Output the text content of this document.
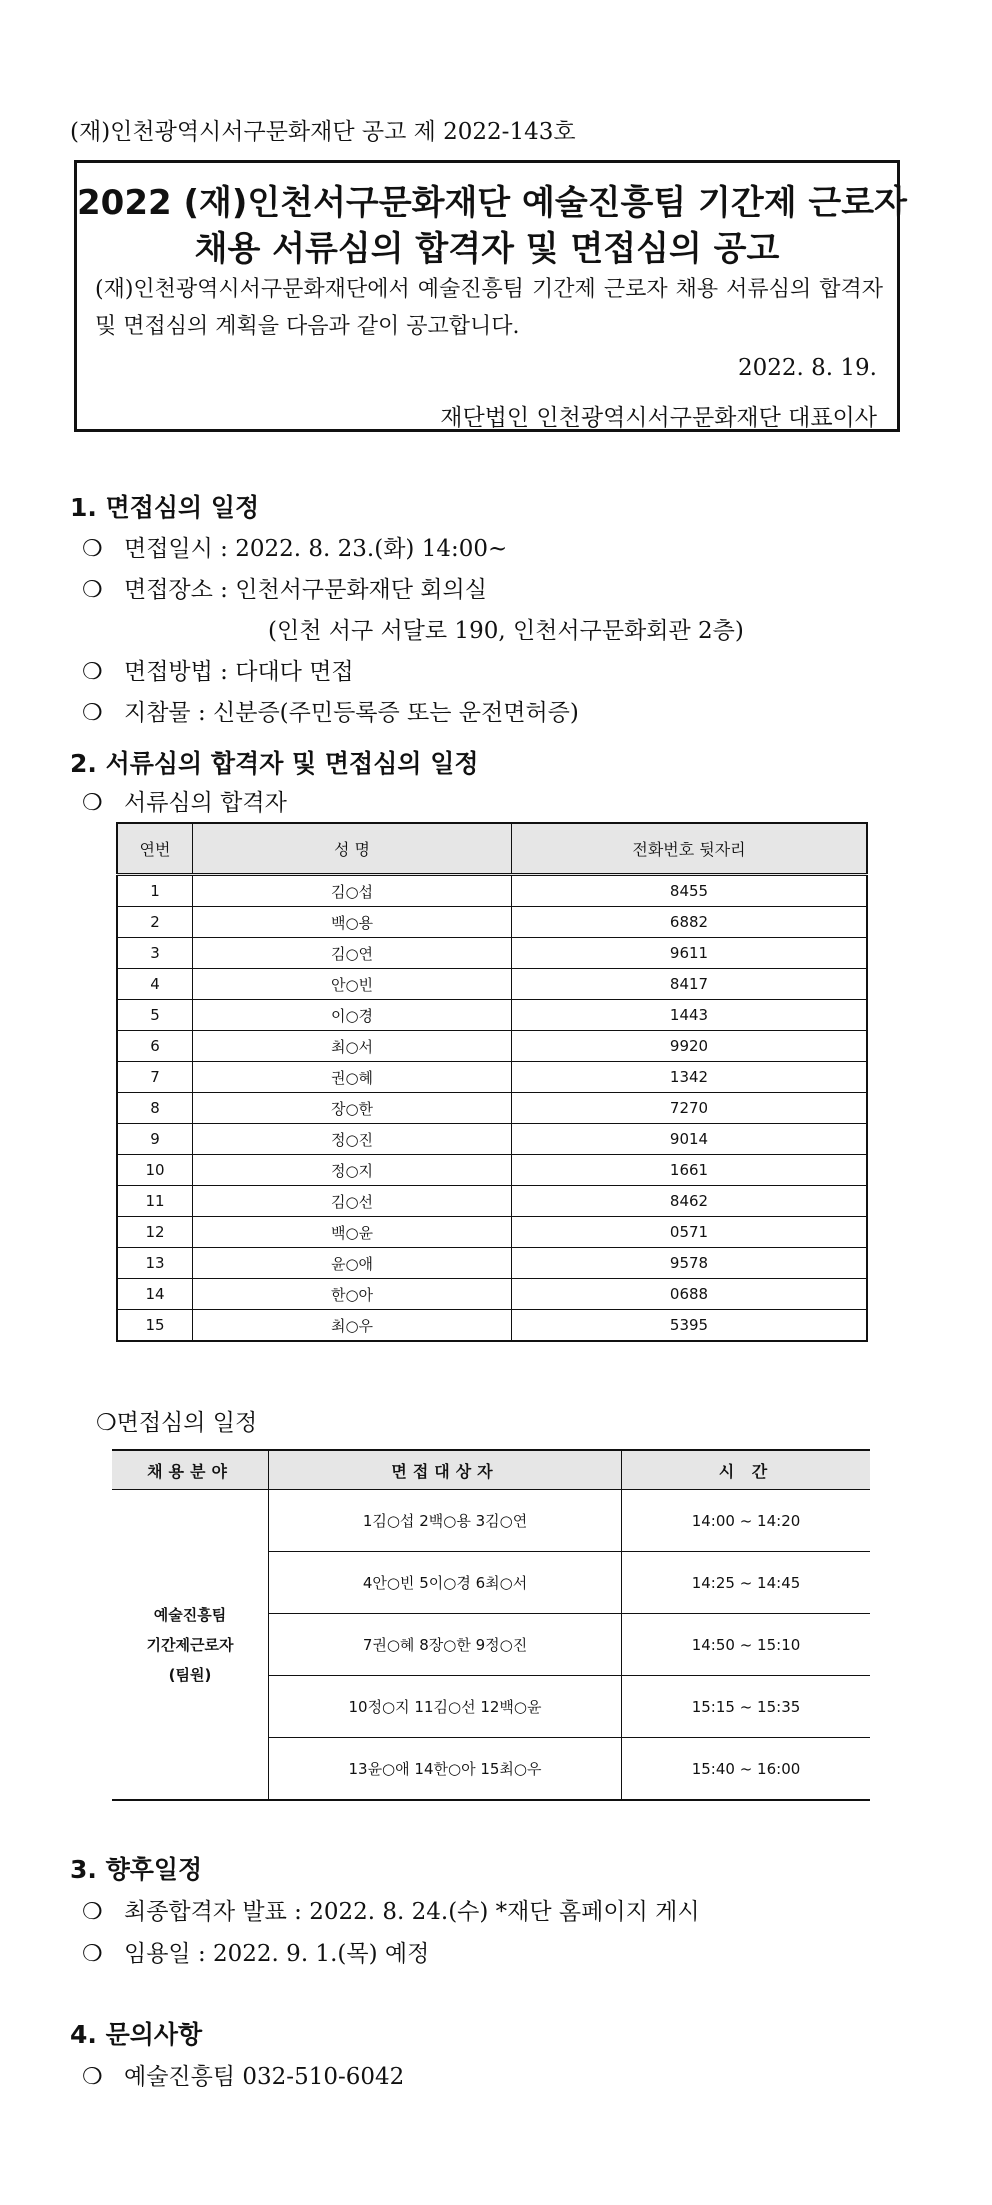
(재)인천광역시서구문화재단 공고 제 2022-143호
2022 (재)인천서구문화재단 예술진흥팀 기간제 근로자
채용 서류심의 합격자 및 면접심의 공고
(재)인천광역시서구문화재단에서 예술진흥팀 기간제 근로자 채용 서류심의 합격자 및 면접심의 계획을 다음과 같이 공고합니다.
2022. 8. 19.
재단법인 인천광역시서구문화재단 대표이사
1. 면접심의 일정
❍ 면접일시 : 2022. 8. 23.(화) 14:00~
❍ 면접장소 : 인천서구문화재단 회의실
(인천 서구 서달로 190, 인천서구문화회관 2층)
❍ 면접방법 : 다대다 면접
❍ 지참물 : 신분증(주민등록증 또는 운전면허증)
2. 서류심의 합격자 및 면접심의 일정
❍ 서류심의 합격자
연번	성 명	전화번호 뒷자리
1	김○섭	8455
2	백○용	6882
3	김○연	9611
4	안○빈	8417
5	이○경	1443
6	최○서	9920
7	권○혜	1342
8	장○한	7270
9	정○진	9014
10	정○지	1661
11	김○선	8462
12	백○윤	0571
13	윤○애	9578
14	한○아	0688
15	최○우	5395
❍면접심의 일정
채용분야	면접대상자	시 간

예술진흥팀
기간제근로자
(팀원)	1김○섭 2백○용 3김○연	14:00 ~ 14:20
	4안○빈 5이○경 6최○서	14:25 ~ 14:45
	7권○혜 8장○한 9정○진	14:50 ~ 15:10
	10정○지 11김○선 12백○윤	15:15 ~ 15:35
	13윤○애 14한○아 15최○우	15:40 ~ 16:00
3. 향후일정
❍ 최종합격자 발표 : 2022. 8. 24.(수) *재단 홈페이지 게시
❍ 임용일 : 2022. 9. 1.(목) 예정
4. 문의사항
❍ 예술진흥팀 032-510-6042
